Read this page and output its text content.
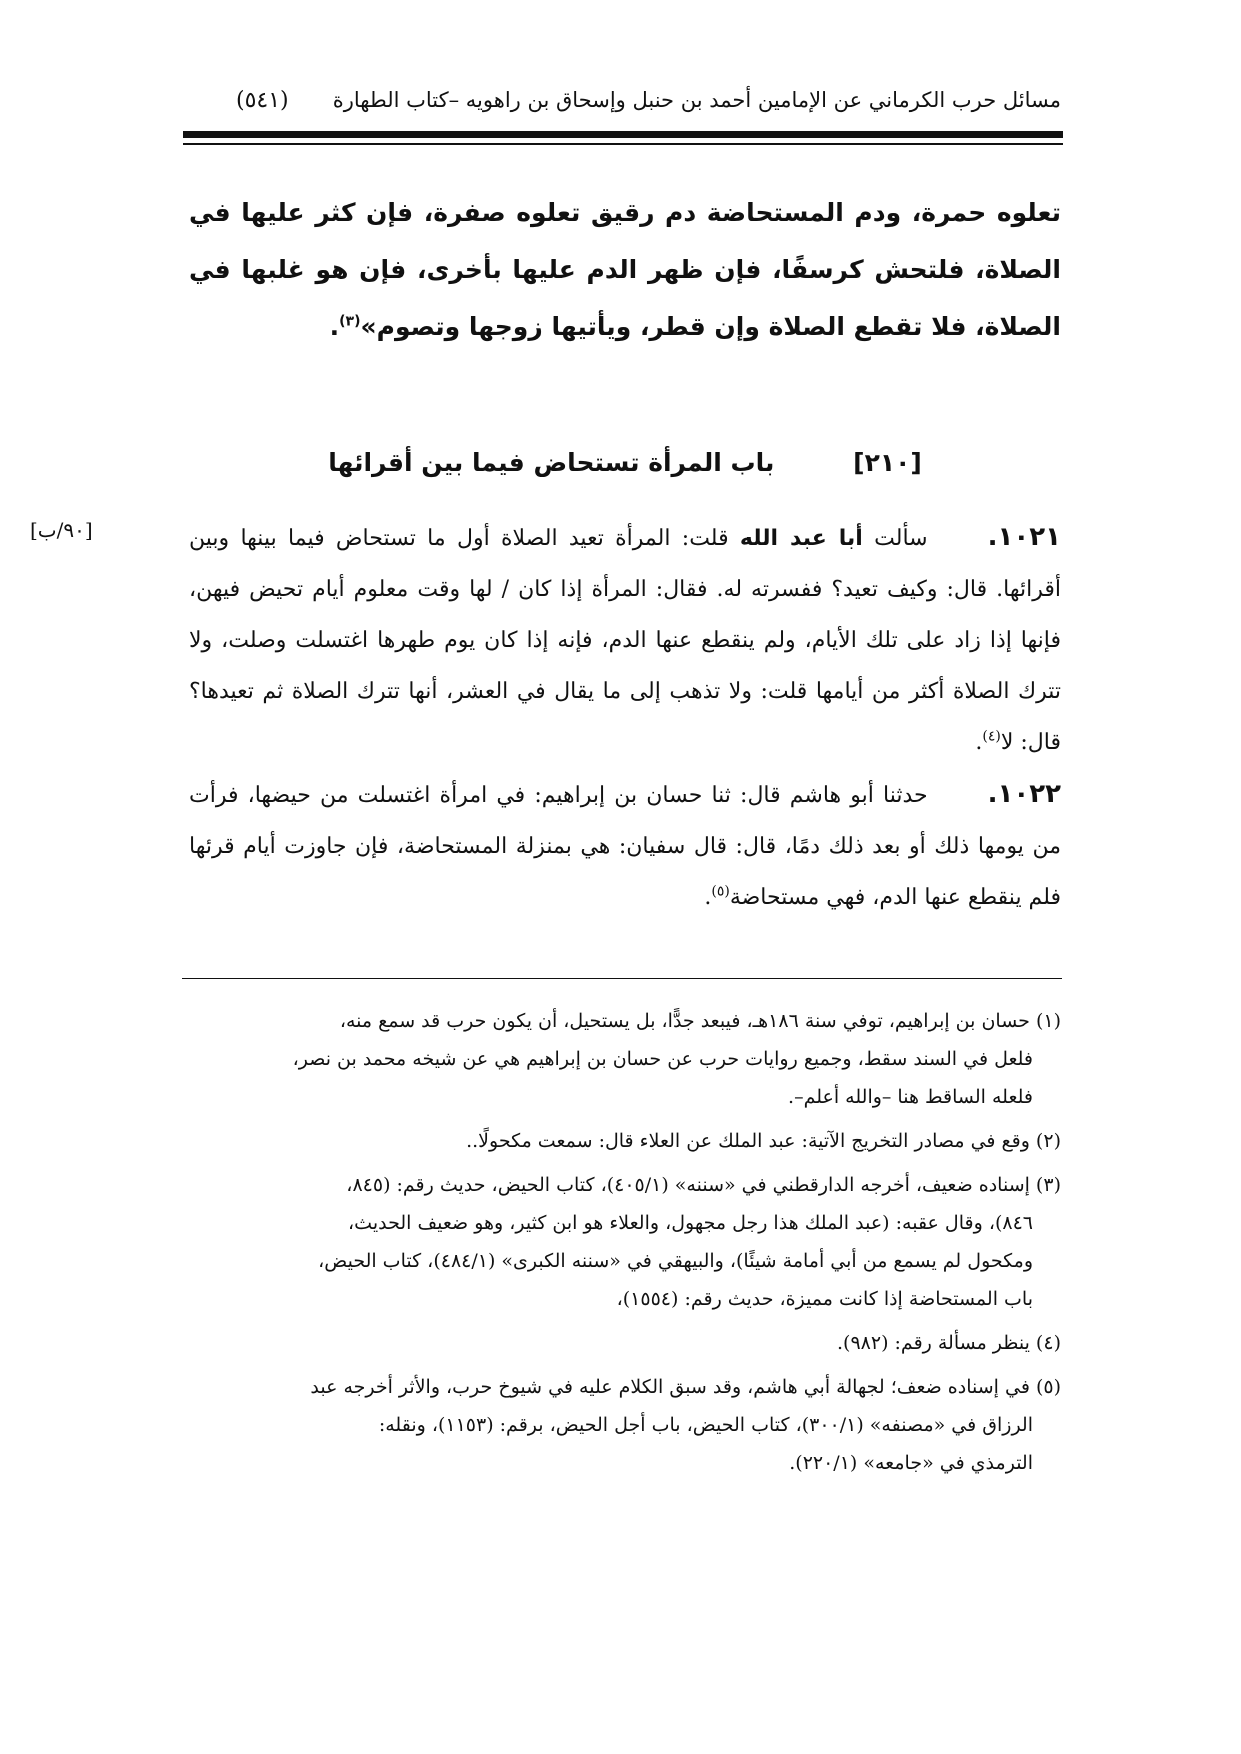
مسائل حرب الكرماني عن الإمامين أحمد بن حنبل وإسحاق بن راهويه –كتاب الطهارة
(٥٤١)
تعلوه حمرة، ودم المستحاضة دم رقيق تعلوه صفرة، فإن كثر عليها في الصلاة، فلتحش كرسفًا، فإن ظهر الدم عليها بأخرى، فإن هو غلبها في الصلاة، فلا تقطع الصلاة وإن قطر، ويأتيها زوجها وتصوم»$^{(٣)}$.
[٢١٠] باب المرأة تستحاض فيما بين أقرائها
[٩٠/ب]	١٠٢١.سألت أبا عبد الله قلت: المرأة تعيد الصلاة أول ما تستحاض فيما بينها وبين أقرائها. قال: وكيف تعيد؟ ففسرته له. فقال: المرأة إذا كان / لها وقت معلوم أيام تحيض فيهن، فإنها إذا زاد على تلك الأيام، ولم ينقطع عنها الدم، فإنه إذا كان يوم طهرها اغتسلت وصلت، ولا تترك الصلاة أكثر من أيامها قلت: ولا تذهب إلى ما يقال في العشر، أنها تترك الصلاة ثم تعيدها؟ قال: لا$^{(٤)}$.
١٠٢٢.حدثنا أبو هاشم قال: ثنا حسان بن إبراهيم: في امرأة اغتسلت من حيضها، فرأت من يومها ذلك أو بعد ذلك دمًا، قال: قال سفيان: هي بمنزلة المستحاضة، فإن جاوزت أيام قرئها فلم ينقطع عنها الدم، فهي مستحاضة$^{(٥)}$.
(١) حسان بن إبراهيم، توفي سنة ١٨٦هـ، فيبعد جدًّا، بل يستحيل، أن يكون حرب قد سمع منه،
فلعل في السند سقط، وجميع روايات حرب عن حسان بن إبراهيم هي عن شيخه محمد بن نصر،
فلعله الساقط هنا –والله أعلم–.
(٢) وقع في مصادر التخريج الآتية: عبد الملك عن العلاء قال: سمعت مكحولًا..
(٣) إسناده ضعيف، أخرجه الدارقطني في «سننه» (٤٠٥/١)، كتاب الحيض، حديث رقم: (٨٤٥،
٨٤٦)، وقال عقبه: (عبد الملك هذا رجل مجهول، والعلاء هو ابن كثير، وهو ضعيف الحديث،
ومكحول لم يسمع من أبي أمامة شيئًا)، والبيهقي في «سننه الكبرى» (٤٨٤/١)، كتاب الحيض،
باب المستحاضة إذا كانت مميزة، حديث رقم: (١٥٥٤)،
(٤) ينظر مسألة رقم: (٩٨٢).
(٥) في إسناده ضعف؛ لجهالة أبي هاشم، وقد سبق الكلام عليه في شيوخ حرب، والأثر أخرجه عبد
الرزاق في «مصنفه» (٣٠٠/١)، كتاب الحيض، باب أجل الحيض، برقم: (١١٥٣)، ونقله:
الترمذي في «جامعه» (٢٢٠/١).
